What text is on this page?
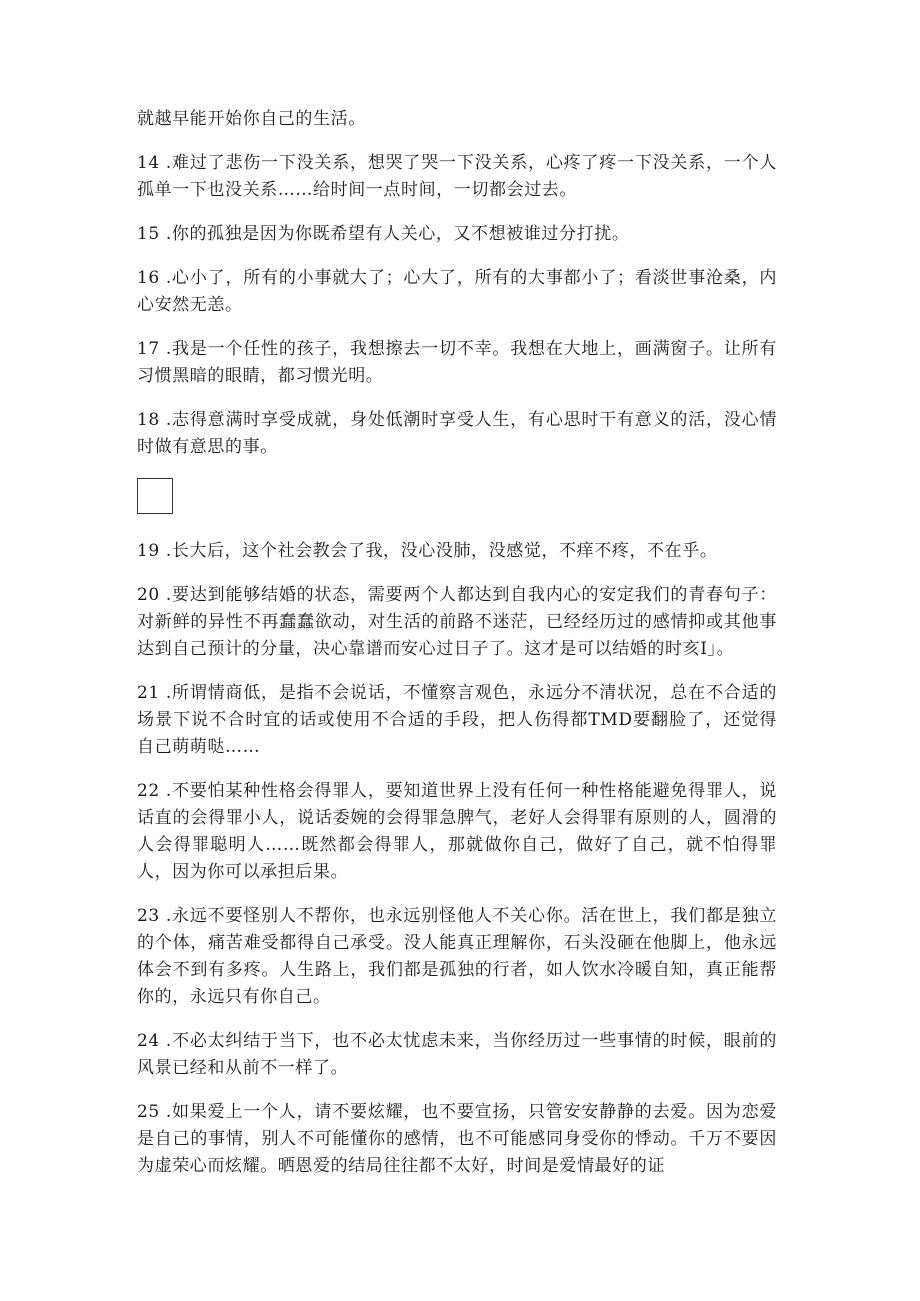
就越早能开始你自己的生活。

14 .难过了悲伤一下没关系，想哭了哭一下没关系，心疼了疼一下没关系，一个人孤单一下也没关系……给时间一点时间，一切都会过去。

15 .你的孤独是因为你既希望有人关心，又不想被谁过分打扰。

16 .心小了，所有的小事就大了；心大了，所有的大事都小了；看淡世事沧桑，内心安然无恙。

17 .我是一个任性的孩子，我想擦去一切不幸。我想在大地上，画满窗子。让所有习惯黑暗的眼睛，都习惯光明。

18 .志得意满时享受成就，身处低潮时享受人生，有心思时干有意义的活，没心情时做有意思的事。

19 .长大后，这个社会教会了我，没心没肺，没感觉，不痒不疼，不在乎。

20 .要达到能够结婚的状态，需要两个人都达到自我内心的安定我们的青春句子：对新鲜的异性不再蠢蠢欲动，对生活的前路不迷茫，已经经历过的感情抑或其他事达到自己预计的分量，决心靠谱而安心过日子了。这才是可以结婚的时亥I」。

21 .所谓情商低，是指不会说话，不懂察言观色，永远分不清状况，总在不合适的场景下说不合时宜的话或使用不合适的手段，把人伤得都TMD要翻脸了，还觉得自己萌萌哒……

22 .不要怕某种性格会得罪人，要知道世界上没有任何一种性格能避免得罪人，说话直的会得罪小人，说话委婉的会得罪急脾气，老好人会得罪有原则的人，圆滑的人会得罪聪明人……既然都会得罪人，那就做你自己，做好了自己，就不怕得罪人，因为你可以承担后果。

23 .永远不要怪别人不帮你，也永远别怪他人不关心你。活在世上，我们都是独立的个体，痛苦难受都得自己承受。没人能真正理解你，石头没砸在他脚上，他永远体会不到有多疼。人生路上，我们都是孤独的行者，如人饮水冷暖自知，真正能帮你的，永远只有你自己。

24 .不必太纠结于当下，也不必太忧虑未来，当你经历过一些事情的时候，眼前的风景已经和从前不一样了。

25 .如果爱上一个人，请不要炫耀，也不要宣扬，只管安安静静的去爱。因为恋爱是自己的事情，别人不可能懂你的感情，也不可能感同身受你的悸动。千万不要因为虚荣心而炫耀。晒恩爱的结局往往都不太好，时间是爱情最好的证
